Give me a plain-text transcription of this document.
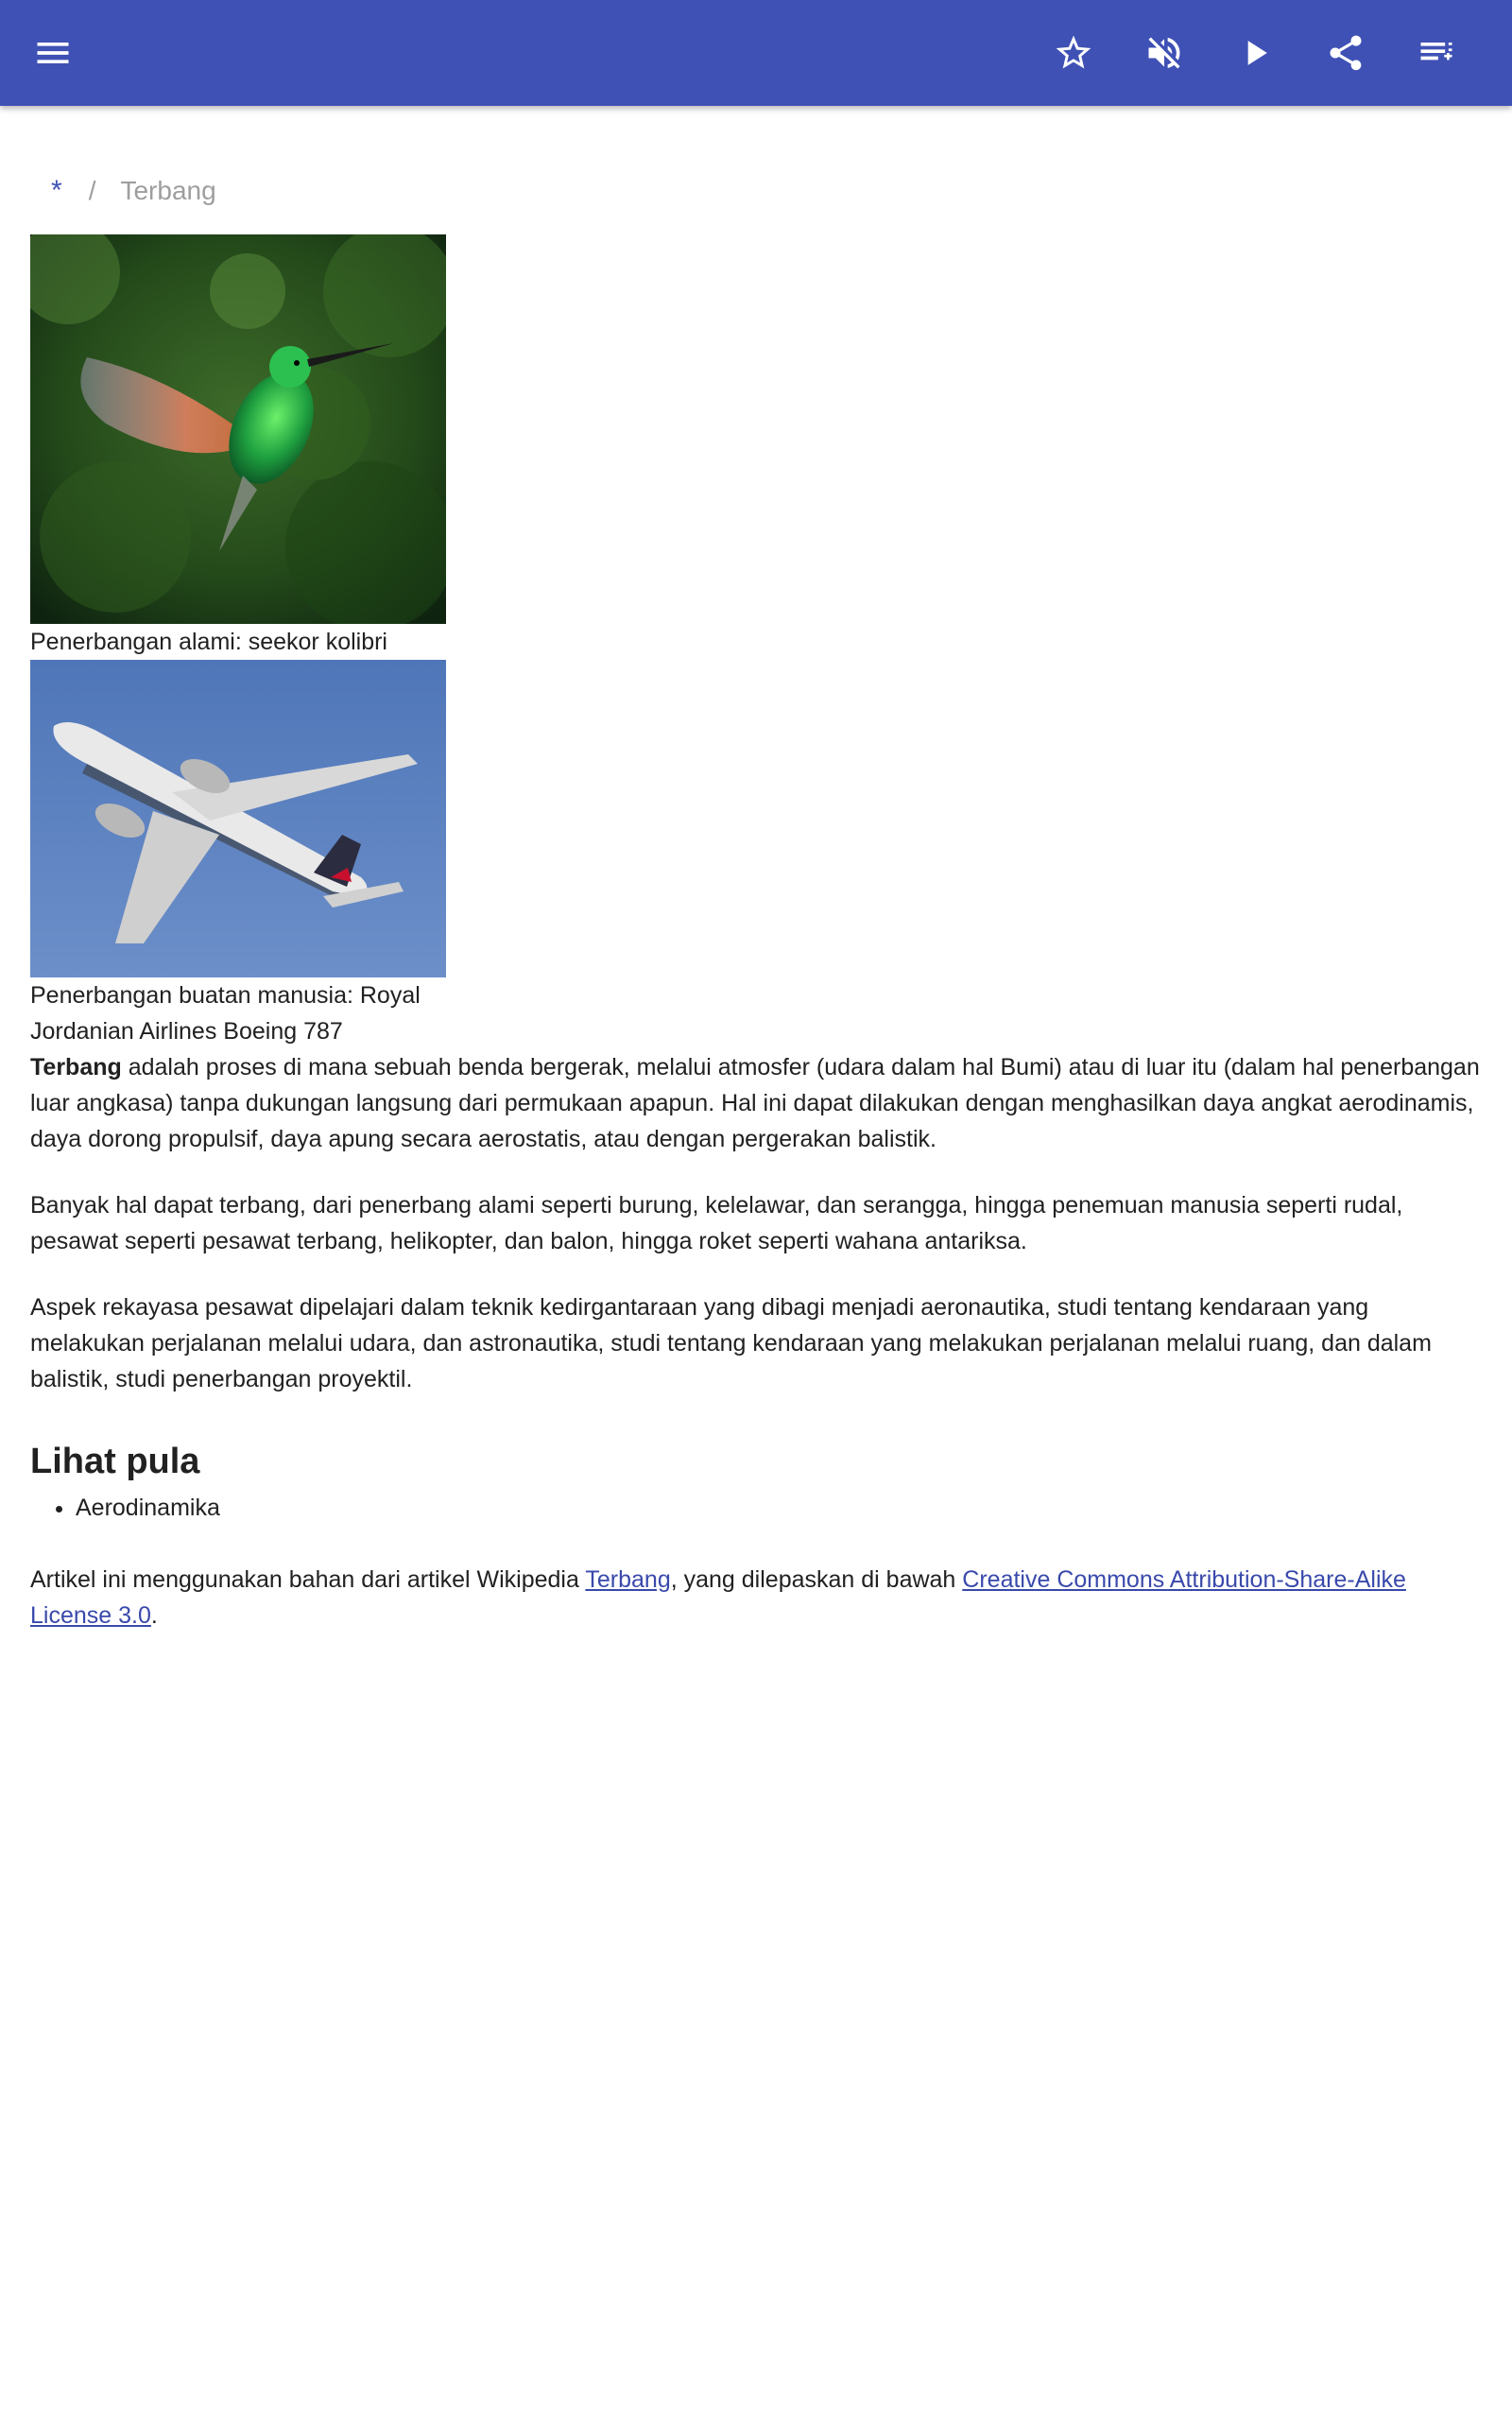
* / Terbang
Penerbangan alami: seekor kolibri
Penerbangan buatan manusia: Royal Jordanian Airlines Boeing 787

Terbang adalah proses di mana sebuah benda bergerak, melalui atmosfer (udara dalam hal Bumi) atau di luar itu (dalam hal penerbangan luar angkasa) tanpa dukungan langsung dari permukaan apapun. Hal ini dapat dilakukan dengan menghasilkan daya angkat aerodinamis, daya dorong propulsif, daya apung secara aerostatis, atau dengan pergerakan balistik.

Banyak hal dapat terbang, dari penerbang alami seperti burung, kelelawar, dan serangga, hingga penemuan manusia seperti rudal, pesawat seperti pesawat terbang, helikopter, dan balon, hingga roket seperti wahana antariksa.

Aspek rekayasa pesawat dipelajari dalam teknik kedirgantaraan yang dibagi menjadi aeronautika, studi tentang kendaraan yang melakukan perjalanan melalui udara, dan astronautika, studi tentang kendaraan yang melakukan perjalanan melalui ruang, dan dalam balistik, studi penerbangan proyektil.

Lihat pula
• Aerodinamika

Artikel ini menggunakan bahan dari artikel Wikipedia Terbang, yang dilepaskan di bawah Creative Commons Attribution-Share-Alike License 3.0.
